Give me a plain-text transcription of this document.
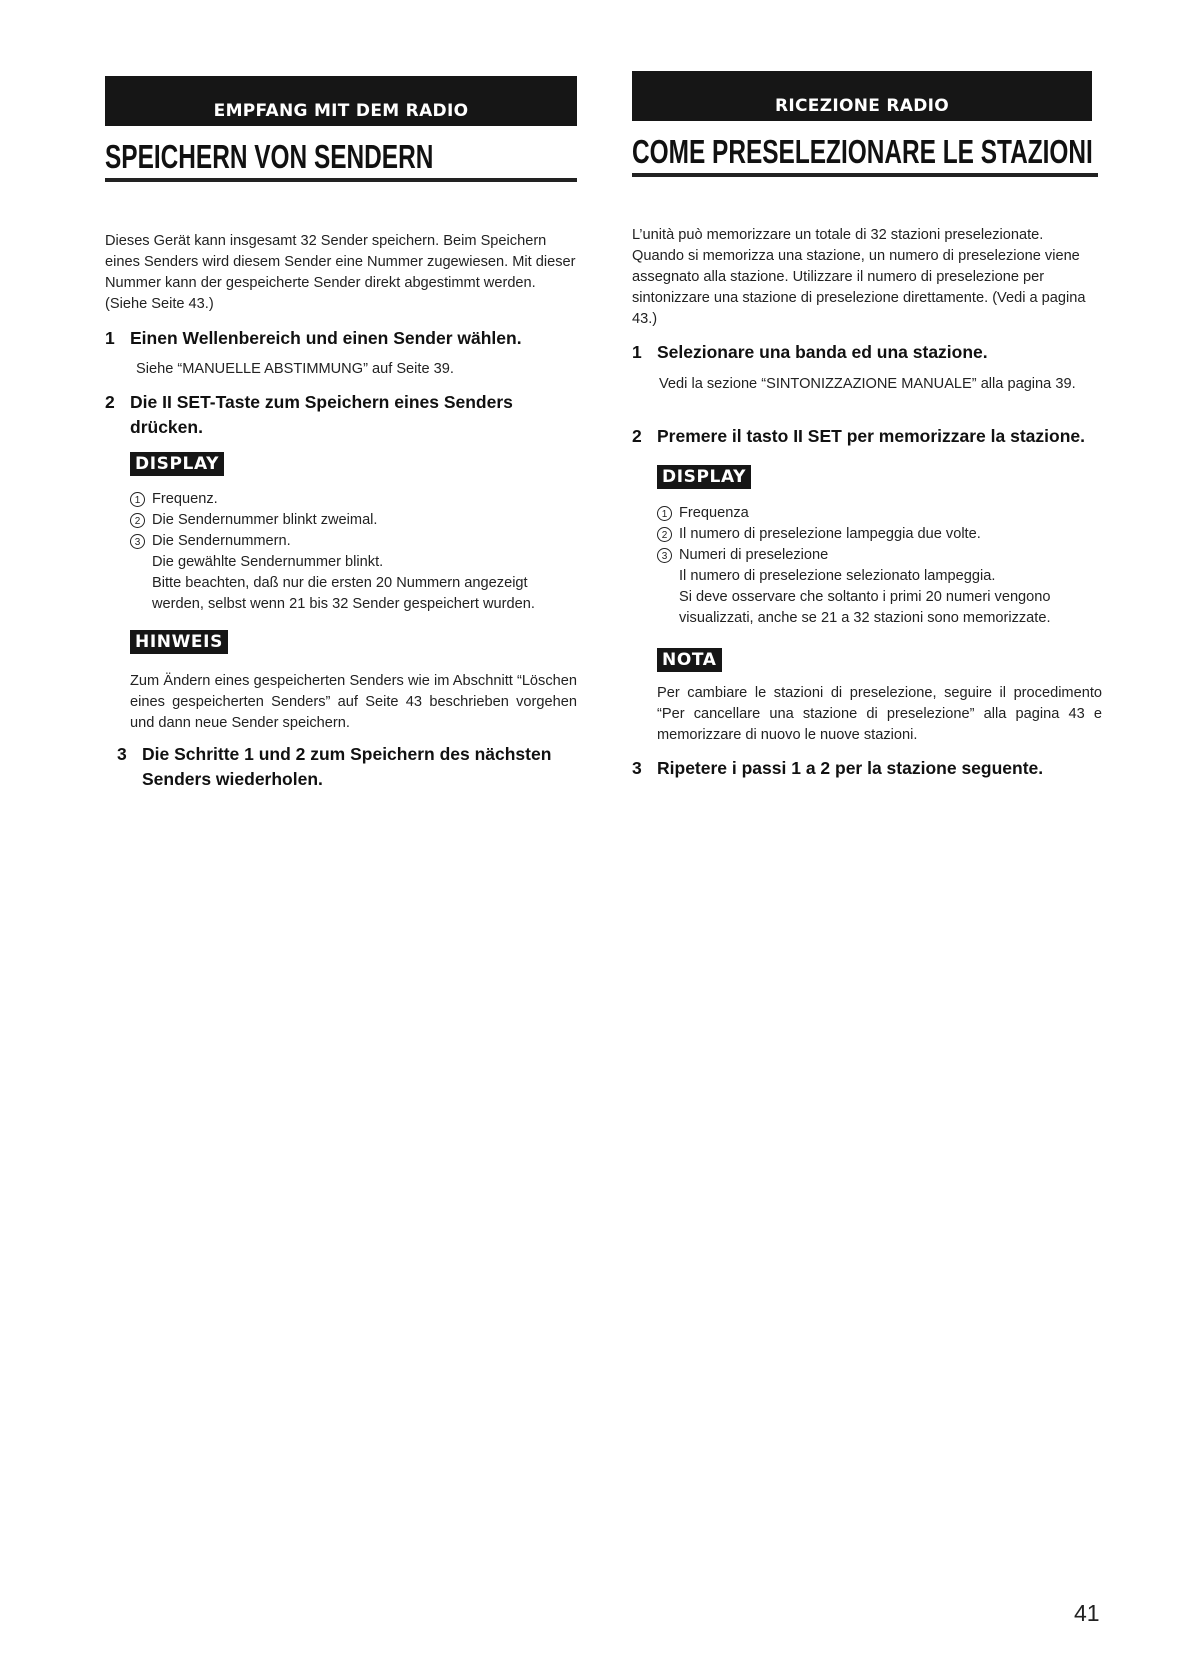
EMPFANG MIT DEM RADIO
SPEICHERN VON SENDERN

Dieses Gerät kann insgesamt 32 Sender speichern. Beim Speichern eines Senders wird diesem Sender eine Nummer zugewiesen. Mit dieser Nummer kann der gespeicherte Sender direkt abgestimmt werden. (Siehe Seite 43.)

1 Einen Wellenbereich und einen Sender wählen.
Siehe “MANUELLE ABSTIMMUNG” auf Seite 39.
2 Die II SET-Taste zum Speichern eines Senders drücken.
DISPLAY
1 Frequenz.
2 Die Sendernummer blinkt zweimal.
3 Die Sendernummern.
Die gewählte Sendernummer blinkt.
Bitte beachten, daß nur die ersten 20 Nummern angezeigt werden, selbst wenn 21 bis 32 Sender gespeichert wurden.
HINWEIS
Zum Ändern eines gespeicherten Senders wie im Abschnitt “Löschen eines gespeicherten Senders” auf Seite 43 beschrieben vorgehen und dann neue Sender speichern.
3 Die Schritte 1 und 2 zum Speichern des nächsten Senders wiederholen.
RICEZIONE RADIO
COME PRESELEZIONARE LE STAZIONI

L’unità può memorizzare un totale di 32 stazioni preselezionate. Quando si memorizza una stazione, un numero di preselezione viene assegnato alla stazione. Utilizzare il numero di preselezione per sintonizzare una stazione di preselezione direttamente. (Vedi a pagina 43.)

1 Selezionare una banda ed una stazione.
Vedi la sezione “SINTONIZZAZIONE MANUALE” alla pagina 39.
2 Premere il tasto II SET per memorizzare la stazione.
DISPLAY
1 Frequenza
2 Il numero di preselezione lampeggia due volte.
3 Numeri di preselezione
Il numero di preselezione selezionato lampeggia.
Si deve osservare che soltanto i primi 20 numeri vengono visualizzati, anche se 21 a 32 stazioni sono memorizzate.
NOTA
Per cambiare le stazioni di preselezione, seguire il procedimento “Per cancellare una stazione di preselezione” alla pagina 43 e memorizzare di nuovo le nuove stazioni.
3 Ripetere i passi 1 a 2 per la stazione seguente.
41
